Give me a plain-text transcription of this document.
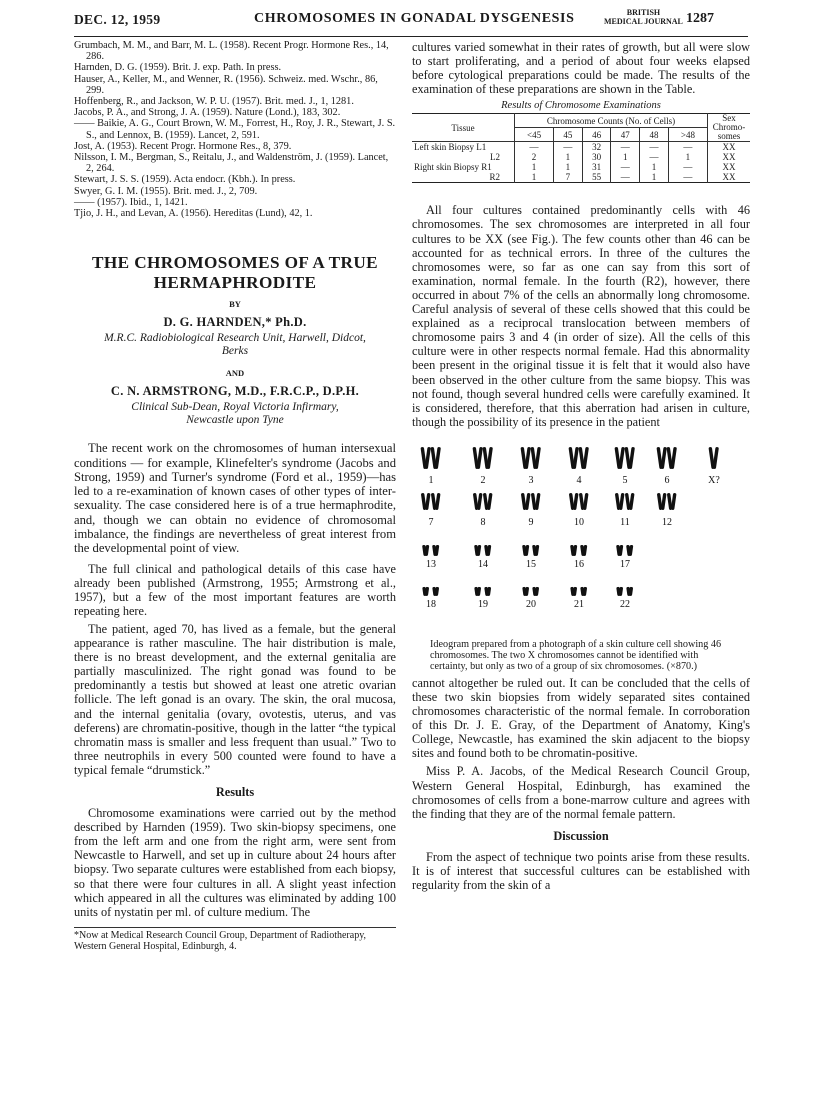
DEC. 12, 1959	CHROMOSOMES IN GONADAL DYSGENESIS	BRITISH
MEDICAL JOURNAL 1287

Grumbach, M. M., and Barr, M. L. (1958). Recent Progr. Hormone Res., 14, 286.

Harnden, D. G. (1959). Brit. J. exp. Path. In press.

Hauser, A., Keller, M., and Wenner, R. (1956). Schweiz. med. Wschr., 86, 299.

Hoffenberg, R., and Jackson, W. P. U. (1957). Brit. med. J., 1, 1281.

Jacobs, P. A., and Strong, J. A. (1959). Nature (Lond.), 183, 302.

—— Baikie, A. G., Court Brown, W. M., Forrest, H., Roy, J. R., Stewart, J. S. S., and Lennox, B. (1959). Lancet, 2, 591.

Jost, A. (1953). Recent Progr. Hormone Res., 8, 379.

Nilsson, I. M., Bergman, S., Reitalu, J., and Waldenström, J. (1959). Lancet, 2, 264.

Stewart, J. S. S. (1959). Acta endocr. (Kbh.). In press.

Swyer, G. I. M. (1955). Brit. med. J., 2, 709.

—— (1957). Ibid., 1, 1421.

Tjio, J. H., and Levan, A. (1956). Hereditas (Lund), 42, 1.

THE CHROMOSOMES OF A TRUE
HERMAPHRODITE
BY
D. G. HARNDEN,* Ph.D.
M.R.C. Radiobiological Research Unit, Harwell, Didcot,
Berks
AND
C. N. ARMSTRONG, M.D., F.R.C.P., D.P.H.
Clinical Sub-Dean, Royal Victoria Infirmary,
Newcastle upon Tyne

The recent work on the chromosomes of human intersexual conditions — for example, Klinefelter's syndrome (Jacobs and Strong, 1959) and Turner's syndrome (Ford et al., 1959)—has led to a re-examination of known cases of other types of inter-sexuality. The case considered here is of a true hermaphrodite, and, though we can obtain no evidence of chromosomal imbalance, the findings are nevertheless of great interest from the developmental point of view.

The full clinical and pathological details of this case have already been published (Armstrong, 1955; Armstrong et al., 1957), but a few of the most important features are worth repeating here.

The patient, aged 70, has lived as a female, but the general appearance is rather masculine. The hair distribution is male, there is no breast development, and the external genitalia are partially masculinized. The right gonad was found to be predominantly a testis but showed at least one atretic ovarian follicle. The left gonad is an ovary. The skin, the oral mucosa, and the internal genitalia (ovary, ovotestis, uterus, and vas deferens) are chromatin-positive, though in the latter “the typical chromatin mass is smaller and less frequent than usual.” Two to three neutrophils in every 500 counted were found to have a typical female “drumstick.”

Results

Chromosome examinations were carried out by the method described by Harnden (1959). Two skin-biopsy specimens, one from the left arm and one from the right arm, were sent from Newcastle to Harwell, and set up in culture about 24 hours after biopsy. Two separate cultures were established from each biopsy, so that there were four cultures in all. A slight yeast infection which appeared in all the cultures was eliminated by adding 100 units of nystatin per ml. of culture medium. The

*Now at Medical Research Council Group, Department of Radiotherapy, Western General Hospital, Edinburgh, 4.

cultures varied somewhat in their rates of growth, but all were slow to start proliferating, and a period of about four weeks elapsed before cytological preparations could be made. The results of the examination of these preparations are shown in the Table.

Results of Chromosome Examinations
Tissue	Chromosome Counts (No. of Cells)						Sex
Chromo-
somes
	<45	45	46	47	48	>48	
Left skin Biopsy L1	—	—	32	—	—	—	XX
L2	2	1	30	1	—	1	XX
Right skin Biopsy R1	1	1	31	—	1	—	XX
R2	1	7	55	—	1	—	XX

All four cultures contained predominantly cells with 46 chromosomes. The sex chromosomes are interpreted in all four cultures to be XX (see Fig.). The few counts other than 46 can be accounted for as technical errors. In three of the cultures the chromosomes were, so far as one can say from this sort of examination, normal female. In the fourth (R2), however, there occurred in about 7% of the cells an abnormally long chromosome. Careful analysis of several of these cells showed that this could be explained as a reciprocal translocation between members of chromosome pairs 3 and 4 (in order of size). All the cells of this culture were in other respects normal female. Had this abnormality been present in the original tissue it is felt that it would also have been observed in the other culture from the same biopsy. This was not found, though several hundred cells were carefully examined. It is considered, therefore, that this aberration had arisen in culture, though the possibility of its presence in the patient

1	2	3	4	5	6	X?
7	8	9	10	11	12
13	14	15	16	17
18	19	20	21	22
Ideogram prepared from a photograph of a skin culture cell showing 46 chromosomes. The two X chromosomes cannot be identified with certainty, but only as two of a group of six chromosomes. (×870.)

cannot altogether be ruled out. It can be concluded that the cells of these two skin biopsies from widely separated sites contained chromosomes characteristic of the normal female. In corroboration of this Dr. J. E. Gray, of the Department of Anatomy, King's College, Newcastle, has examined the skin adjacent to the biopsy sites and found both to be chromatin-positive.

Miss P. A. Jacobs, of the Medical Research Council Group, Western General Hospital, Edinburgh, has examined the chromosomes of cells from a bone-marrow culture and agrees with the finding that they are of the normal female pattern.

Discussion

From the aspect of technique two points arise from these results. It is of interest that successful cultures can be established with regularity from the skin of a
